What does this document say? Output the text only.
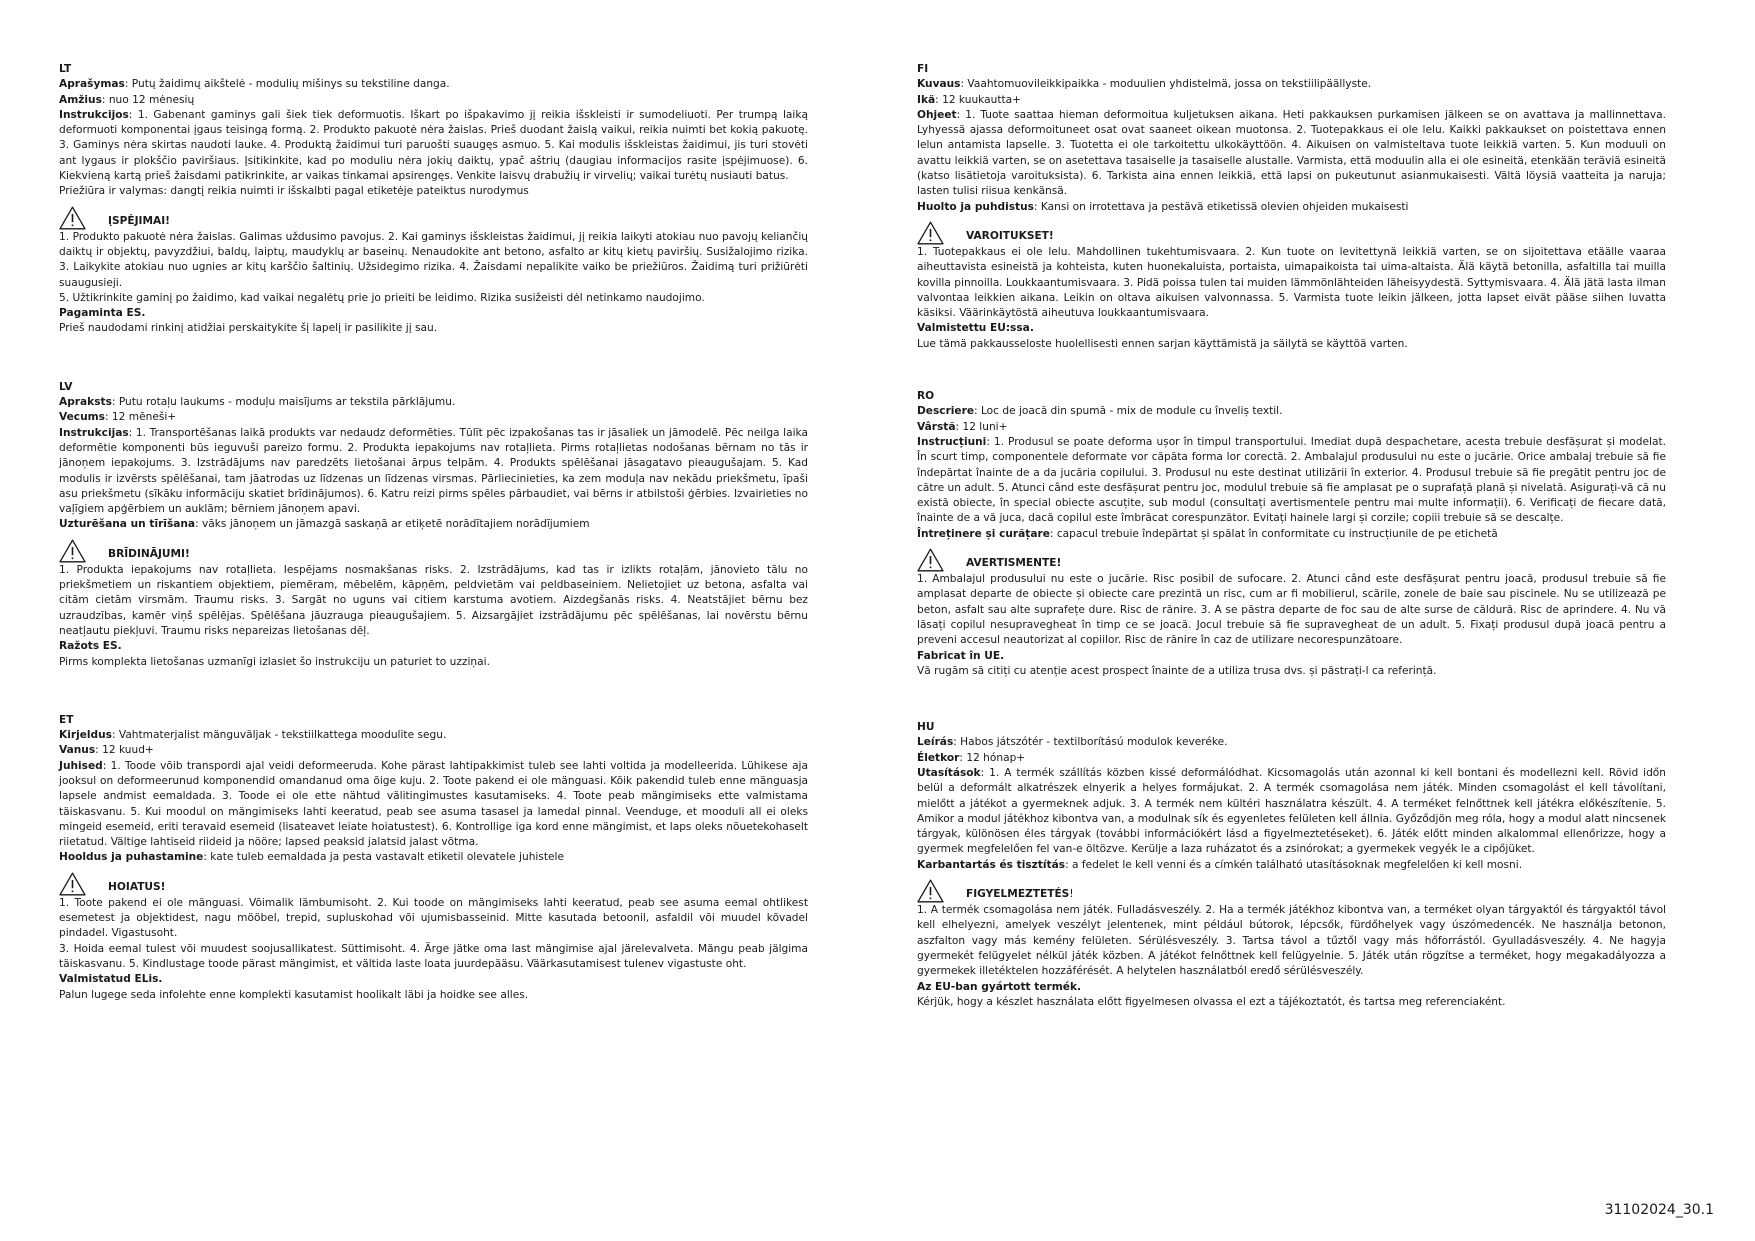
LT

Aprašymas: Putų žaidimų aikštelė - modulių mišinys su tekstiline danga.

Amžius: nuo 12 mėnesių

Instrukcijos: 1. Gabenant gaminys gali šiek tiek deformuotis. Iškart po išpakavimo jį reikia išskleisti ir sumodeliuoti. Per trumpą laiką deformuoti komponentai įgaus teisingą formą. 2. Produkto pakuotė nėra žaislas. Prieš duodant žaislą vaikui, reikia nuimti bet kokią pakuotę. 3. Gaminys nėra skirtas naudoti lauke. 4. Produktą žaidimui turi paruošti suaugęs asmuo. 5. Kai modulis išskleistas žaidimui, jis turi stovėti ant lygaus ir plokščio paviršiaus. Įsitikinkite, kad po moduliu nėra jokių daiktų, ypač aštrių (daugiau informacijos rasite įspėjimuose). 6. Kiekvieną kartą prieš žaisdami patikrinkite, ar vaikas tinkamai apsirengęs. Venkite laisvų drabužių ir virvelių; vaikai turėtų nusiauti batus.

Priežiūra ir valymas: dangtį reikia nuimti ir išskalbti pagal etiketėje pateiktus nurodymus

ĮSPĖJIMAI!

1. Produkto pakuotė nėra žaislas. Galimas uždusimo pavojus. 2. Kai gaminys išskleistas žaidimui, jį reikia laikyti atokiau nuo pavojų keliančių daiktų ir objektų, pavyzdžiui, baldų, laiptų, maudyklų ar baseinų. Nenaudokite ant betono, asfalto ar kitų kietų paviršių. Susižalojimo rizika. 3. Laikykite atokiau nuo ugnies ar kitų karščio šaltinių. Užsidegimo rizika. 4. Žaisdami nepalikite vaiko be priežiūros. Žaidimą turi prižiūrėti suaugusieji.

5. Užtikrinkite gaminį po žaidimo, kad vaikai negalėtų prie jo prieiti be leidimo. Rizika susižeisti dėl netinkamo naudojimo.

Pagaminta ES.

Prieš naudodami rinkinį atidžiai perskaitykite šį lapelį ir pasilikite jį sau.

LV

Apraksts: Putu rotaļu laukums - moduļu maisījums ar tekstila pārklājumu.

Vecums: 12 mēneši+

Instrukcijas: 1. Transportēšanas laikā produkts var nedaudz deformēties. Tūlīt pēc izpakošanas tas ir jāsaliek un jāmodelē. Pēc neilga laika deformētie komponenti būs ieguvuši pareizo formu. 2. Produkta iepakojums nav rotaļlieta. Pirms rotaļlietas nodošanas bērnam no tās ir jānoņem iepakojums. 3. Izstrādājums nav paredzēts lietošanai ārpus telpām. 4. Produkts spēlēšanai jāsagatavo pieaugušajam. 5. Kad modulis ir izvērsts spēlēšanai, tam jāatrodas uz līdzenas un līdzenas virsmas. Pārliecinieties, ka zem moduļa nav nekādu priekšmetu, īpaši asu priekšmetu (sīkāku informāciju skatiet brīdinājumos). 6. Katru reizi pirms spēles pārbaudiet, vai bērns ir atbilstoši ģērbies. Izvairieties no vaļīgiem apģērbiem un auklām; bērniem jānoņem apavi.

Uzturēšana un tīrīšana: vāks jānoņem un jāmazgā saskaņā ar etiķetē norādītajiem norādījumiem

BRĪDINĀJUMI!

1. Produkta iepakojums nav rotaļlieta. Iespējams nosmakšanas risks. 2. Izstrādājums, kad tas ir izlikts rotaļām, jānovieto tālu no priekšmetiem un riskantiem objektiem, piemēram, mēbelēm, kāpņēm, peldvietām vai peldbaseiniem. Nelietojiet uz betona, asfalta vai citām cietām virsmām. Traumu risks. 3. Sargāt no uguns vai citiem karstuma avotiem. Aizdegšanās risks. 4. Neatstājiet bērnu bez uzraudzības, kamēr viņš spēlējas. Spēlēšana jāuzrauga pieaugušajiem. 5. Aizsargājiet izstrādājumu pēc spēlēšanas, lai novērstu bērnu neatļautu piekļuvi. Traumu risks nepareizas lietošanas dēļ.

Ražots ES.

Pirms komplekta lietošanas uzmanīgi izlasiet šo instrukciju un paturiet to uzziņai.

ET

Kirjeldus: Vahtmaterjalist mänguväljak - tekstiilkattega moodulite segu.

Vanus: 12 kuud+

Juhised: 1. Toode võib transpordi ajal veidi deformeeruda. Kohe pärast lahtipakkimist tuleb see lahti voltida ja modelleerida. Lühikese aja jooksul on deformeerunud komponendid omandanud oma õige kuju. 2. Toote pakend ei ole mänguasi. Kõik pakendid tuleb enne mänguasja lapsele andmist eemaldada. 3. Toode ei ole ette nähtud välitingimustes kasutamiseks. 4. Toote peab mängimiseks ette valmistama täiskasvanu. 5. Kui moodul on mängimiseks lahti keeratud, peab see asuma tasasel ja lamedal pinnal. Veenduge, et mooduli all ei oleks mingeid esemeid, eriti teravaid esemeid (lisateavet leiate hoiatustest). 6. Kontrollige iga kord enne mängimist, et laps oleks nõuetekohaselt riietatud. Vältige lahtiseid riideid ja nööre; lapsed peaksid jalatsid jalast võtma.

Hooldus ja puhastamine: kate tuleb eemaldada ja pesta vastavalt etiketil olevatele juhistele

HOIATUS!

1. Toote pakend ei ole mänguasi. Võimalik lämbumisoht. 2. Kui toode on mängimiseks lahti keeratud, peab see asuma eemal ohtlikest esemetest ja objektidest, nagu mööbel, trepid, supluskohad või ujumisbasseinid. Mitte kasutada betoonil, asfaldil või muudel kõvadel pindadel. Vigastusoht.

3. Hoida eemal tulest või muudest soojusallikatest. Süttimisoht. 4. Ärge jätke oma last mängimise ajal järelevalveta. Mängu peab jälgima täiskasvanu. 5. Kindlustage toode pärast mängimist, et vältida laste loata juurdepääsu. Väärkasutamisest tulenev vigastuste oht.

Valmistatud ELis.

Palun lugege seda infolehte enne komplekti kasutamist hoolikalt läbi ja hoidke see alles.

FI

Kuvaus: Vaahtomuovileikkipaikka - moduulien yhdistelmä, jossa on tekstiilipäällyste.

Ikä: 12 kuukautta+

Ohjeet: 1. Tuote saattaa hieman deformoitua kuljetuksen aikana. Heti pakkauksen purkamisen jälkeen se on avattava ja mallinnettava. Lyhyessä ajassa deformoituneet osat ovat saaneet oikean muotonsa. 2. Tuotepakkaus ei ole lelu. Kaikki pakkaukset on poistettava ennen lelun antamista lapselle. 3. Tuotetta ei ole tarkoitettu ulkokäyttöön. 4. Aikuisen on valmisteltava tuote leikkiä varten. 5. Kun moduuli on avattu leikkiä varten, se on asetettava tasaiselle ja tasaiselle alustalle. Varmista, että moduulin alla ei ole esineitä, etenkään teräviä esineitä (katso lisätietoja varoituksista). 6. Tarkista aina ennen leikkiä, että lapsi on pukeutunut asianmukaisesti. Vältä löysiä vaatteita ja naruja; lasten tulisi riisua kenkänsä.

Huolto ja puhdistus: Kansi on irrotettava ja pestävä etiketissä olevien ohjeiden mukaisesti

VAROITUKSET!

1. Tuotepakkaus ei ole lelu. Mahdollinen tukehtumisvaara. 2. Kun tuote on levitettynä leikkiä varten, se on sijoitettava etäälle vaaraa aiheuttavista esineistä ja kohteista, kuten huonekaluista, portaista, uimapaikoista tai uima-altaista. Älä käytä betonilla, asfaltilla tai muilla kovilla pinnoilla. Loukkaantumisvaara. 3. Pidä poissa tulen tai muiden lämmönlähteiden läheisyydestä. Syttymisvaara. 4. Älä jätä lasta ilman valvontaa leikkien aikana. Leikin on oltava aikuisen valvonnassa. 5. Varmista tuote leikin jälkeen, jotta lapset eivät pääse siihen luvatta käsiksi. Väärinkäytöstä aiheutuva loukkaantumisvaara.

Valmistettu EU:ssa.

Lue tämä pakkausseloste huolellisesti ennen sarjan käyttämistä ja säilytä se käyttöä varten.

RO

Descriere: Loc de joacă din spumă - mix de module cu înveliș textil.

Vârstă: 12 luni+

Instrucțiuni: 1. Produsul se poate deforma ușor în timpul transportului. Imediat după despachetare, acesta trebuie desfășurat și modelat. În scurt timp, componentele deformate vor căpăta forma lor corectă. 2. Ambalajul produsului nu este o jucărie. Orice ambalaj trebuie să fie îndepărtat înainte de a da jucăria copilului. 3. Produsul nu este destinat utilizării în exterior. 4. Produsul trebuie să fie pregătit pentru joc de către un adult. 5. Atunci când este desfășurat pentru joc, modulul trebuie să fie amplasat pe o suprafață plană și nivelată. Asigurați-vă că nu există obiecte, în special obiecte ascuțite, sub modul (consultați avertismentele pentru mai multe informații). 6. Verificați de fiecare dată, înainte de a vă juca, dacă copilul este îmbrăcat corespunzător. Evitați hainele largi și corzile; copiii trebuie să se descalțe.

Întreținere și curățare: capacul trebuie îndepărtat și spălat în conformitate cu instrucțiunile de pe etichetă

AVERTISMENTE!

1. Ambalajul produsului nu este o jucărie. Risc posibil de sufocare. 2. Atunci când este desfășurat pentru joacă, produsul trebuie să fie amplasat departe de obiecte și obiecte care prezintă un risc, cum ar fi mobilierul, scările, zonele de baie sau piscinele. Nu se utilizează pe beton, asfalt sau alte suprafețe dure. Risc de rănire. 3. A se păstra departe de foc sau de alte surse de căldură. Risc de aprindere. 4. Nu vă lăsați copilul nesupravegheat în timp ce se joacă. Jocul trebuie să fie supravegheat de un adult. 5. Fixați produsul după joacă pentru a preveni accesul neautorizat al copiilor. Risc de rănire în caz de utilizare necorespunzătoare.

Fabricat în UE.

Vă rugăm să citiți cu atenție acest prospect înainte de a utiliza trusa dvs. și păstrați-l ca referință.

HU

Leírás: Habos játszótér - textilborítású modulok keveréke.

Életkor: 12 hónap+

Utasítások: 1. A termék szállítás közben kissé deformálódhat. Kicsomagolás után azonnal ki kell bontani és modellezni kell. Rövid időn belül a deformált alkatrészek elnyerik a helyes formájukat. 2. A termék csomagolása nem játék. Minden csomagolást el kell távolítani, mielőtt a játékot a gyermeknek adjuk. 3. A termék nem kültéri használatra készült. 4. A terméket felnőttnek kell játékra előkészítenie. 5. Amikor a modul játékhoz kibontva van, a modulnak sík és egyenletes felületen kell állnia. Győződjön meg róla, hogy a modul alatt nincsenek tárgyak, különösen éles tárgyak (további információkért lásd a figyelmeztetéseket). 6. Játék előtt minden alkalommal ellenőrizze, hogy a gyermek megfelelően fel van-e öltözve. Kerülje a laza ruházatot és a zsinórokat; a gyermekek vegyék le a cipőjüket.

Karbantartás és tisztítás: a fedelet le kell venni és a címkén található utasításoknak megfelelően ki kell mosni.

FIGYELMEZTETÉS!

1. A termék csomagolása nem játék. Fulladásveszély. 2. Ha a termék játékhoz kibontva van, a terméket olyan tárgyaktól és tárgyaktól távol kell elhelyezni, amelyek veszélyt jelentenek, mint például bútorok, lépcsők, fürdőhelyek vagy úszómedencék. Ne használja betonon, aszfalton vagy más kemény felületen. Sérülésveszély. 3. Tartsa távol a tűztől vagy más hőforrástól. Gyulladásveszély. 4. Ne hagyja gyermekét felügyelet nélkül játék közben. A játékot felnőttnek kell felügyelnie. 5. Játék után rögzítse a terméket, hogy megakadályozza a gyermekek illetéktelen hozzáférését. A helytelen használatból eredő sérülésveszély.

Az EU-ban gyártott termék.

Kérjük, hogy a készlet használata előtt figyelmesen olvassa el ezt a tájékoztatót, és tartsa meg referenciaként.

31102024_30.1
